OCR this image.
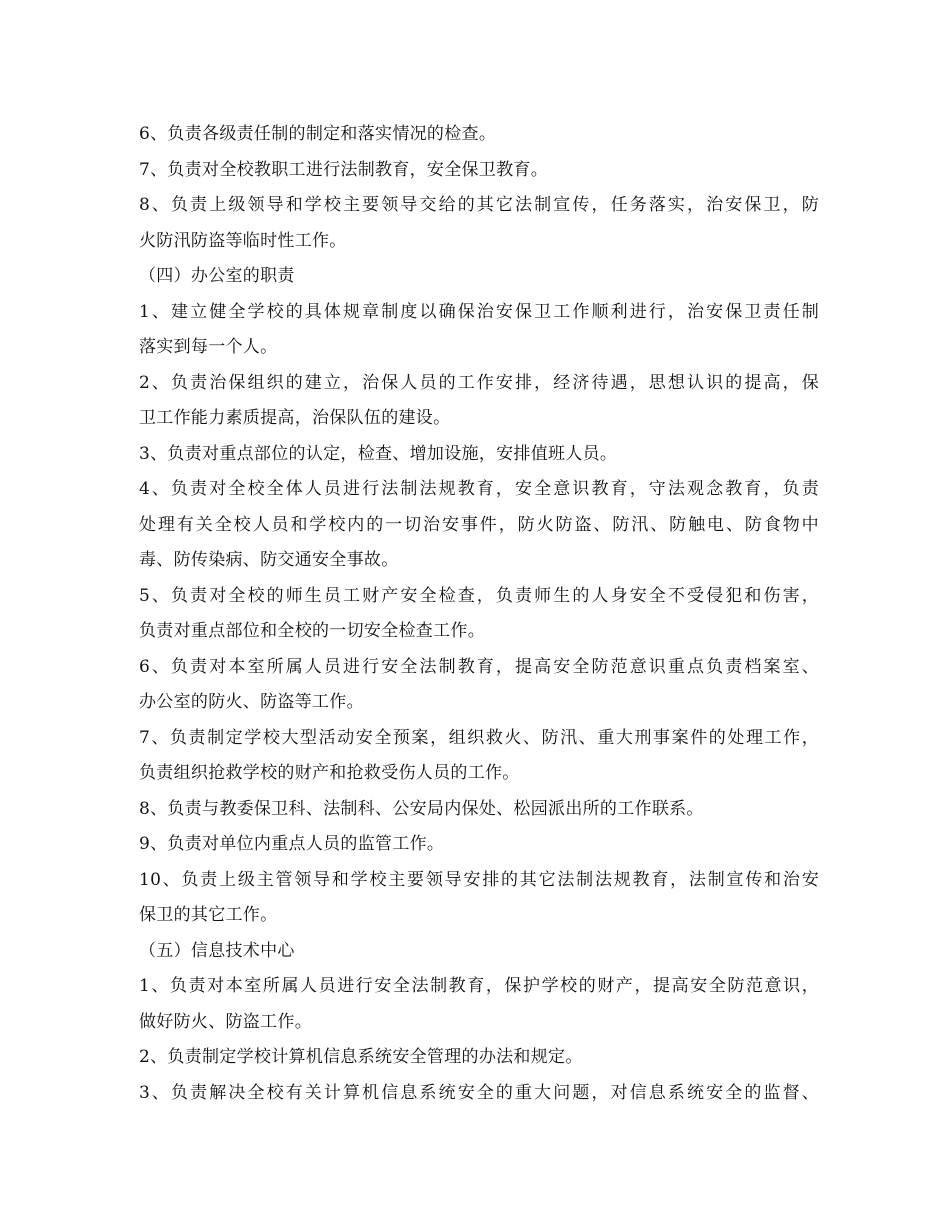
6、负责各级责任制的制定和落实情况的检查。
7、负责对全校教职工进行法制教育，安全保卫教育。
8、负责上级领导和学校主要领导交给的其它法制宣传，任务落实，治安保卫，防
火防汛防盗等临时性工作。
（四）办公室的职责
1、建立健全学校的具体规章制度以确保治安保卫工作顺利进行，治安保卫责任制
落实到每一个人。
2、负责治保组织的建立，治保人员的工作安排，经济待遇，思想认识的提高，保
卫工作能力素质提高，治保队伍的建设。
3、负责对重点部位的认定，检查、增加设施，安排值班人员。
4、负责对全校全体人员进行法制法规教育，安全意识教育，守法观念教育，负责
处理有关全校人员和学校内的一切治安事件，防火防盗、防汛、防触电、防食物中
毒、防传染病、防交通安全事故。
5、负责对全校的师生员工财产安全检查，负责师生的人身安全不受侵犯和伤害，
负责对重点部位和全校的一切安全检查工作。
6、负责对本室所属人员进行安全法制教育，提高安全防范意识重点负责档案室、
办公室的防火、防盗等工作。
7、负责制定学校大型活动安全预案，组织救火、防汛、重大刑事案件的处理工作，
负责组织抢救学校的财产和抢救受伤人员的工作。
8、负责与教委保卫科、法制科、公安局内保处、松园派出所的工作联系。
9、负责对单位内重点人员的监管工作。
10、负责上级主管领导和学校主要领导安排的其它法制法规教育，法制宣传和治安
保卫的其它工作。
（五）信息技术中心
1、负责对本室所属人员进行安全法制教育，保护学校的财产，提高安全防范意识，
做好防火、防盗工作。
2、负责制定学校计算机信息系统安全管理的办法和规定。
3、负责解决全校有关计算机信息系统安全的重大问题，对信息系统安全的监督、
